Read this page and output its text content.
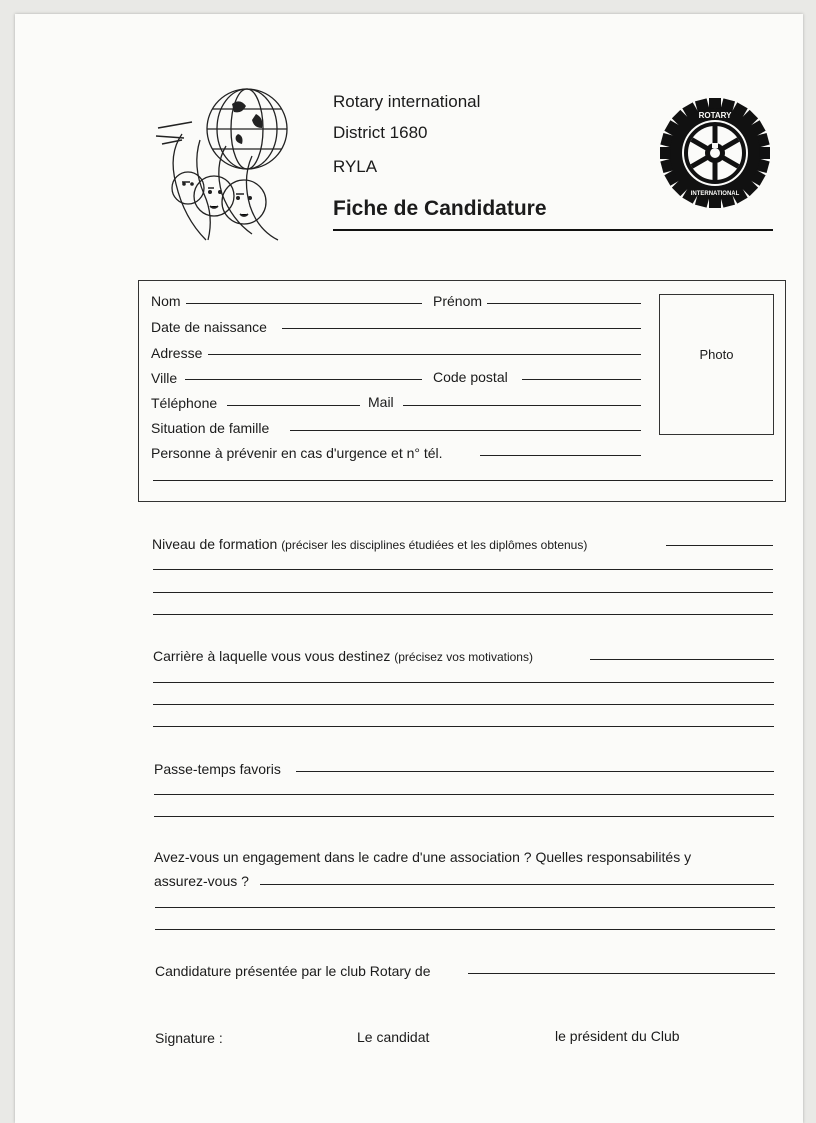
Rotary international
District 1680
RYLA
Fiche de Candidature
ROTARY
INTERNATIONAL
Photo
Nom	Prénom
Date de naissance
Adresse
Ville	Code postal
Téléphone	Mail
Situation de famille
Personne à prévenir en cas d'urgence et n° tél.
Niveau de formation (préciser les disciplines étudiées et les diplômes obtenus)
Carrière à laquelle vous vous destinez (précisez vos motivations)
Passe-temps favoris
Avez-vous un engagement dans le cadre d'une association ? Quelles responsabilités y
assurez-vous ?
Candidature présentée par le club Rotary de
Signature :	Le candidat	le président du Club
